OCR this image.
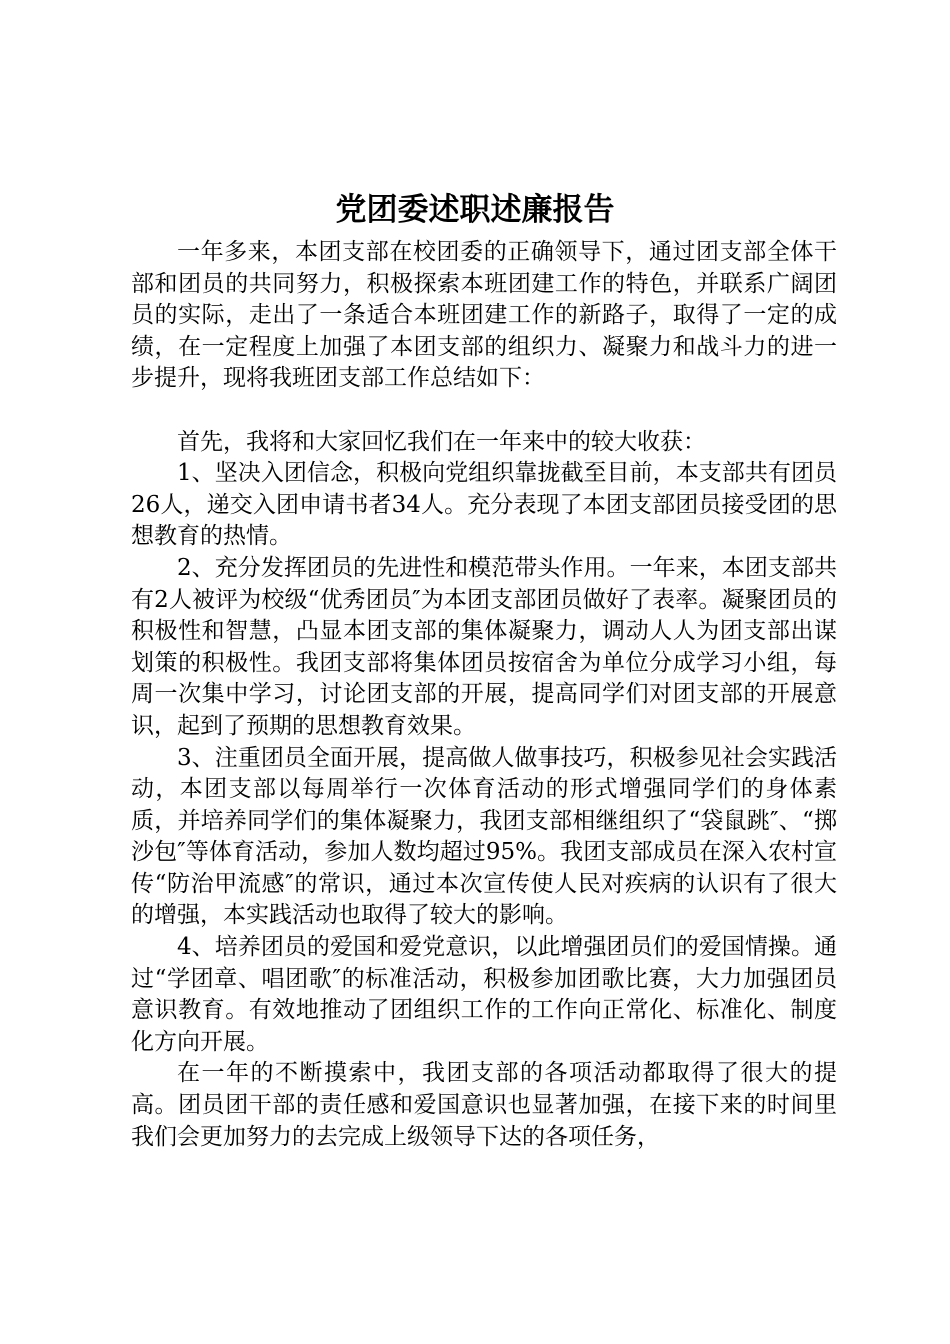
党团委述职述廉报告

一年多来，本团支部在校团委的正确领导下，通过团支部全体干部和团员的共同努力，积极探索本班团建工作的特色，并联系广阔团员的实际，走出了一条适合本班团建工作的新路子，取得了一定的成绩，在一定程度上加强了本团支部的组织力、凝聚力和战斗力的进一步提升，现将我班团支部工作总结如下：

首先，我将和大家回忆我们在一年来中的较大收获：

1、坚决入团信念，积极向党组织靠拢截至目前，本支部共有团员26人，递交入团申请书者34人。充分表现了本团支部团员接受团的思想教育的热情。

2、充分发挥团员的先进性和模范带头作用。一年来，本团支部共有2人被评为校级“优秀团员″为本团支部团员做好了表率。凝聚团员的积极性和智慧，凸显本团支部的集体凝聚力，调动人人为团支部出谋划策的积极性。我团支部将集体团员按宿舍为单位分成学习小组，每周一次集中学习，讨论团支部的开展，提高同学们对团支部的开展意识，起到了预期的思想教育效果。

3、注重团员全面开展，提高做人做事技巧，积极参见社会实践活动，本团支部以每周举行一次体育活动的形式增强同学们的身体素质，并培养同学们的集体凝聚力，我团支部相继组织了“袋鼠跳″、“掷沙包″等体育活动，参加人数均超过95%。我团支部成员在深入农村宣传“防治甲流感″的常识，通过本次宣传使人民对疾病的认识有了很大的增强，本实践活动也取得了较大的影响。

4、培养团员的爱国和爱党意识，以此增强团员们的爱国情操。通过“学团章、唱团歌″的标准活动，积极参加团歌比赛，大力加强团员意识教育。有效地推动了团组织工作的工作向正常化、标准化、制度化方向开展。

在一年的不断摸索中，我团支部的各项活动都取得了很大的提高。团员团干部的责任感和爱国意识也显著加强，在接下来的时间里我们会更加努力的去完成上级领导下达的各项任务，
